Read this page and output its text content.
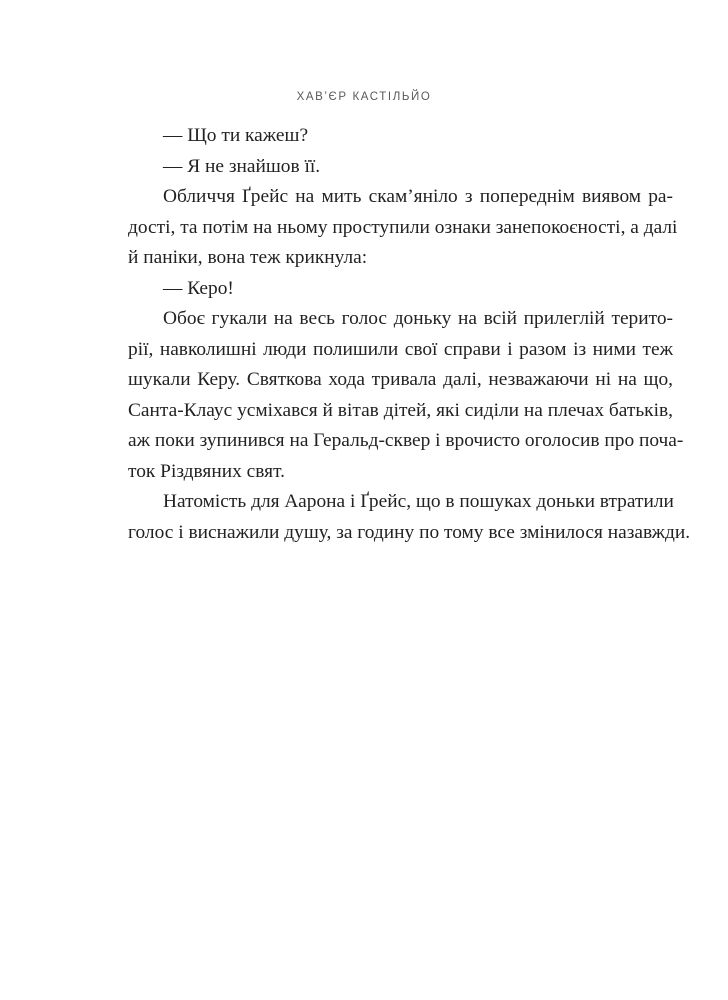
ХАВ’ЄР КАСТІЛЬЙО

— Що ти кажеш?

— Я не знайшов її.

Обличчя Ґрейс на мить скам’яніло з попереднім виявом ра-
дості, та потім на ньому проступили ознаки занепокоєності, а далі
й паніки, вона теж крикнула:

— Керо!

Обоє гукали на весь голос доньку на всій прилеглій терито-
рії, навколишні люди полишили свої справи і разом із ними теж
шукали Керу. Святкова хода тривала далі, незважаючи ні на що,
Санта-Клаус усміхався й вітав дітей, які сиділи на плечах батьків,
аж поки зупинився на Геральд-сквер і врочисто оголосив про поча-
ток Різдвяних свят.

Натомість для Аарона і Ґрейс, що в пошуках доньки втратили
голос і виснажили душу, за годину по тому все змінилося назавжди.
